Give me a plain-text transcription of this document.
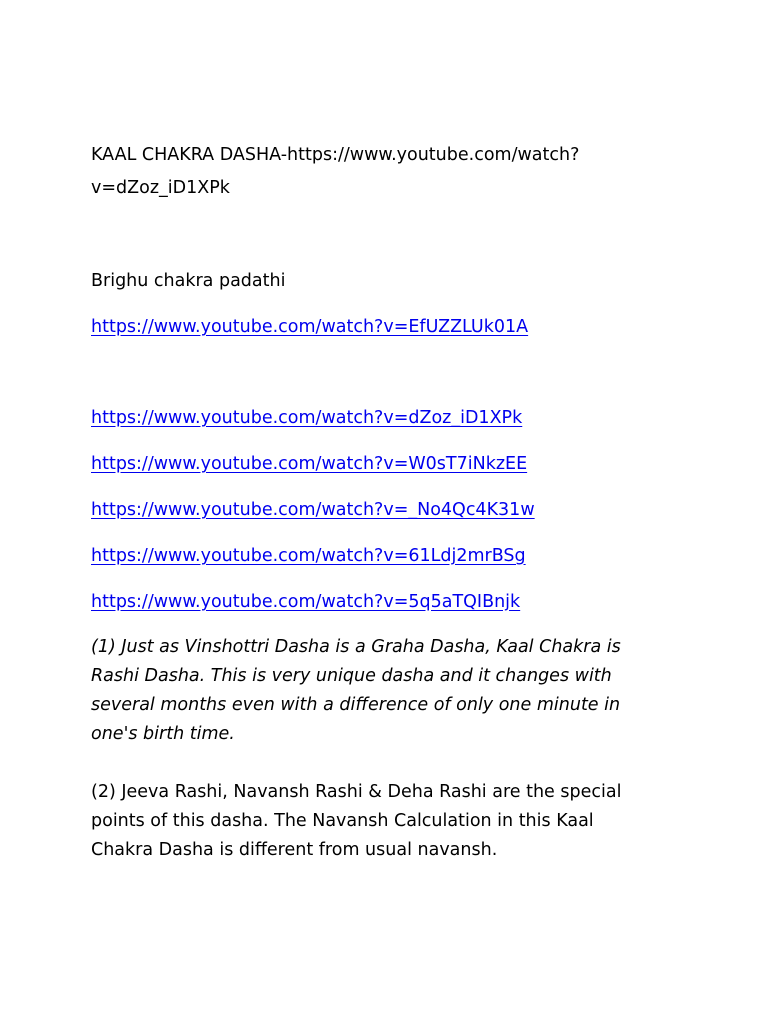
KAAL CHAKRA DASHA-https://www.youtube.com/watch?
v=dZoz_iD1XPk
Brighu chakra padathi
https://www.youtube.com/watch?v=EfUZZLUk01A
https://www.youtube.com/watch?v=dZoz_iD1XPk
https://www.youtube.com/watch?v=W0sT7iNkzEE
https://www.youtube.com/watch?v=_No4Qc4K31w
https://www.youtube.com/watch?v=61Ldj2mrBSg
https://www.youtube.com/watch?v=5q5aTQIBnjk
(1) Just as Vinshottri Dasha is a Graha Dasha, Kaal Chakra is
Rashi Dasha. This is very unique dasha and it changes with
several months even with a difference of only one minute in
one's birth time.
(2) Jeeva Rashi, Navansh Rashi & Deha Rashi are the special
points of this dasha. The Navansh Calculation in this Kaal
Chakra Dasha is different from usual navansh.
